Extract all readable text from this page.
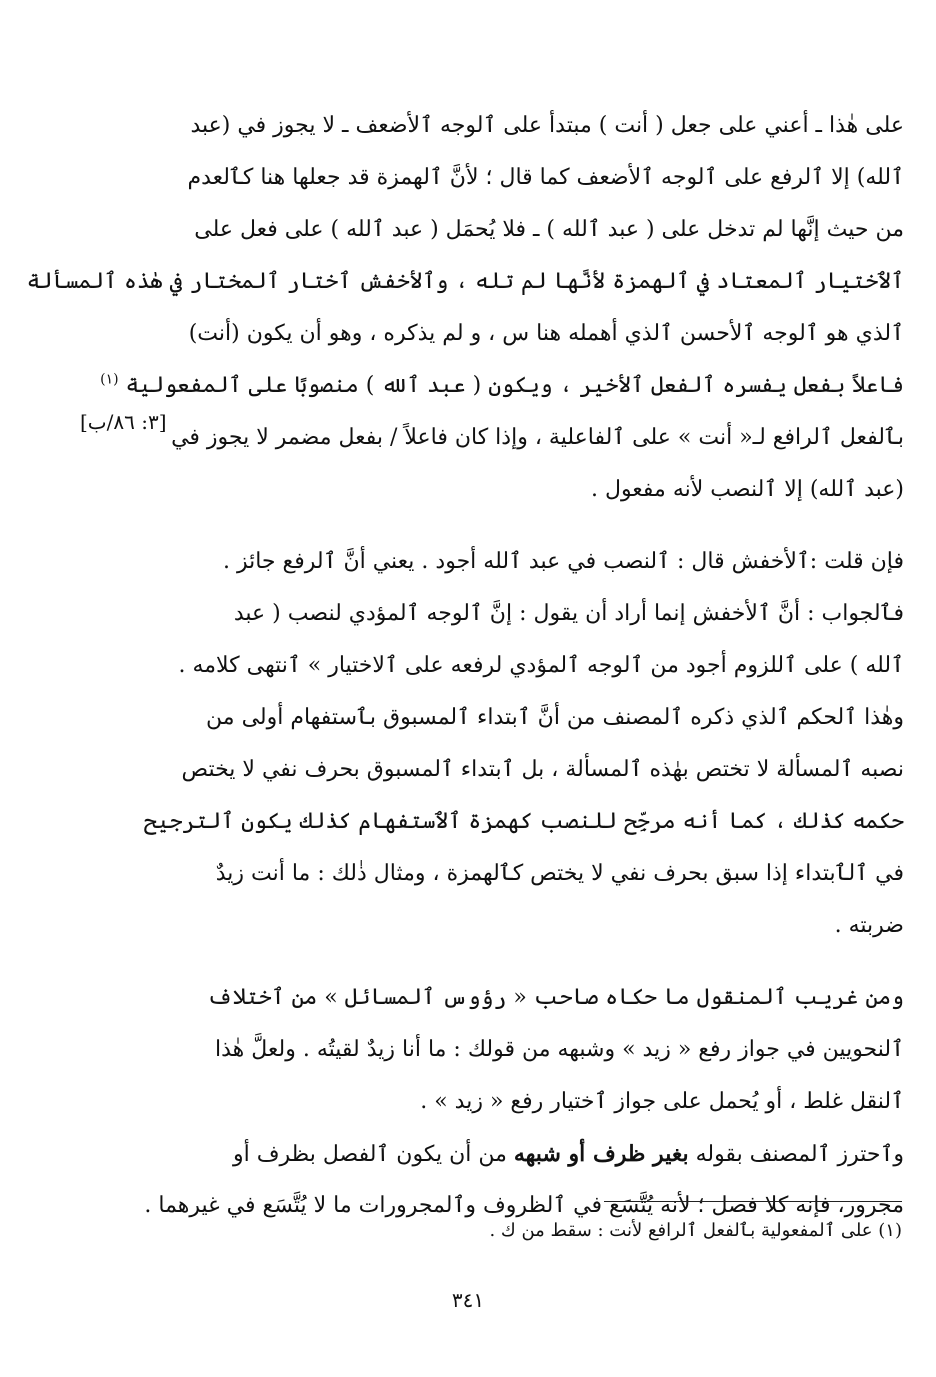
على هٰذا ـ أعني على جعل ( أنت ) مبتدأ على ٱلوجه ٱلأضعف ـ لا يجوز في (عبد
ٱلله) إلا ٱلرفع على ٱلوجه ٱلأضعف كما قال ؛ لأنَّ ٱلهمزة قد جعلها هنا كٱلعدم
من حيث إنَّها لم تدخل على ( عبد ٱلله ) ـ فلا يُحمَل ( عبد ٱلله ) على فعل على
ٱلٱختيار ٱلمعتاد في ٱلهمزة لأنَّها لم تله ، وٱلأخفش ٱختار ٱلمختار في هٰذه ٱلمسألة
ٱلذي هو ٱلوجه ٱلأحسن ٱلذي أهمله هنا س ، و لم يذكره ، وهو أن يكون (أنت)
فاعلاً بفعل يفسره ٱلفعل ٱلأخير ، ويكون ( عبد ٱلله ) منصوبًا على ٱلمفعولية $^{(١)}$
بٱلفعل ٱلرافع لـ« أنت » على ٱلفاعلية ، وإذا كان فاعلاً / بفعل مضمر لا يجوز في
(عبد ٱلله) إلا ٱلنصب لأنه مفعول .
فإن قلت :ٱلأخفش قال : ٱلنصب في عبد ٱلله أجود . يعني أنَّ ٱلرفع جائز .
فٱلجواب : أنَّ ٱلأخفش إنما أراد أن يقول : إنَّ ٱلوجه ٱلمؤدي لنصب ( عبد
ٱلله ) على ٱللزوم أجود من ٱلوجه ٱلمؤدي لرفعه على ٱلاختيار » ٱنتهى كلامه .
وهٰذا ٱلحكم ٱلذي ذكره ٱلمصنف من أنَّ ٱبتداء ٱلمسبوق بٱستفهام أولى من
نصبه ٱلمسألة لا تختص بهٰذه ٱلمسألة ، بل ٱبتداء ٱلمسبوق بحرف نفي لا يختص
حكمه كذٰلك ، كما أنه مرجِّح للنصب كهمزة ٱلٱستفهام كذٰلك يكون ٱلترجيح
في ٱلٱبتداء إذا سبق بحرف نفي لا يختص كٱلهمزة ، ومثال ذٰلك : ما أنت زيدٌ
ضربته .
ومن غريب ٱلمنقول ما حكاه صاحب « رؤوس ٱلمسائل » من ٱختلاف
ٱلنحويين في جواز رفع « زيد » وشبهه من قولك : ما أنا زيدٌ لقيتُه . ولعلَّ هٰذا
ٱلنقل غلط ، أو يُحمل على جواز ٱختيار رفع « زيد » .
وٱحترز ٱلمصنف بقوله بغير ظرف أو شبهه من أن يكون ٱلفصل بظرف أو
مجرور، فإنه كلا فصل ؛ لأنه يُتَّسَع في ٱلظروف وٱلمجرورات ما لا يُتَّسَع في غيرهما .
[٣: ٨٦/ب]
(١) على ٱلمفعولية بٱلفعل ٱلرافع لأنت : سقط من ك .
٣٤١
